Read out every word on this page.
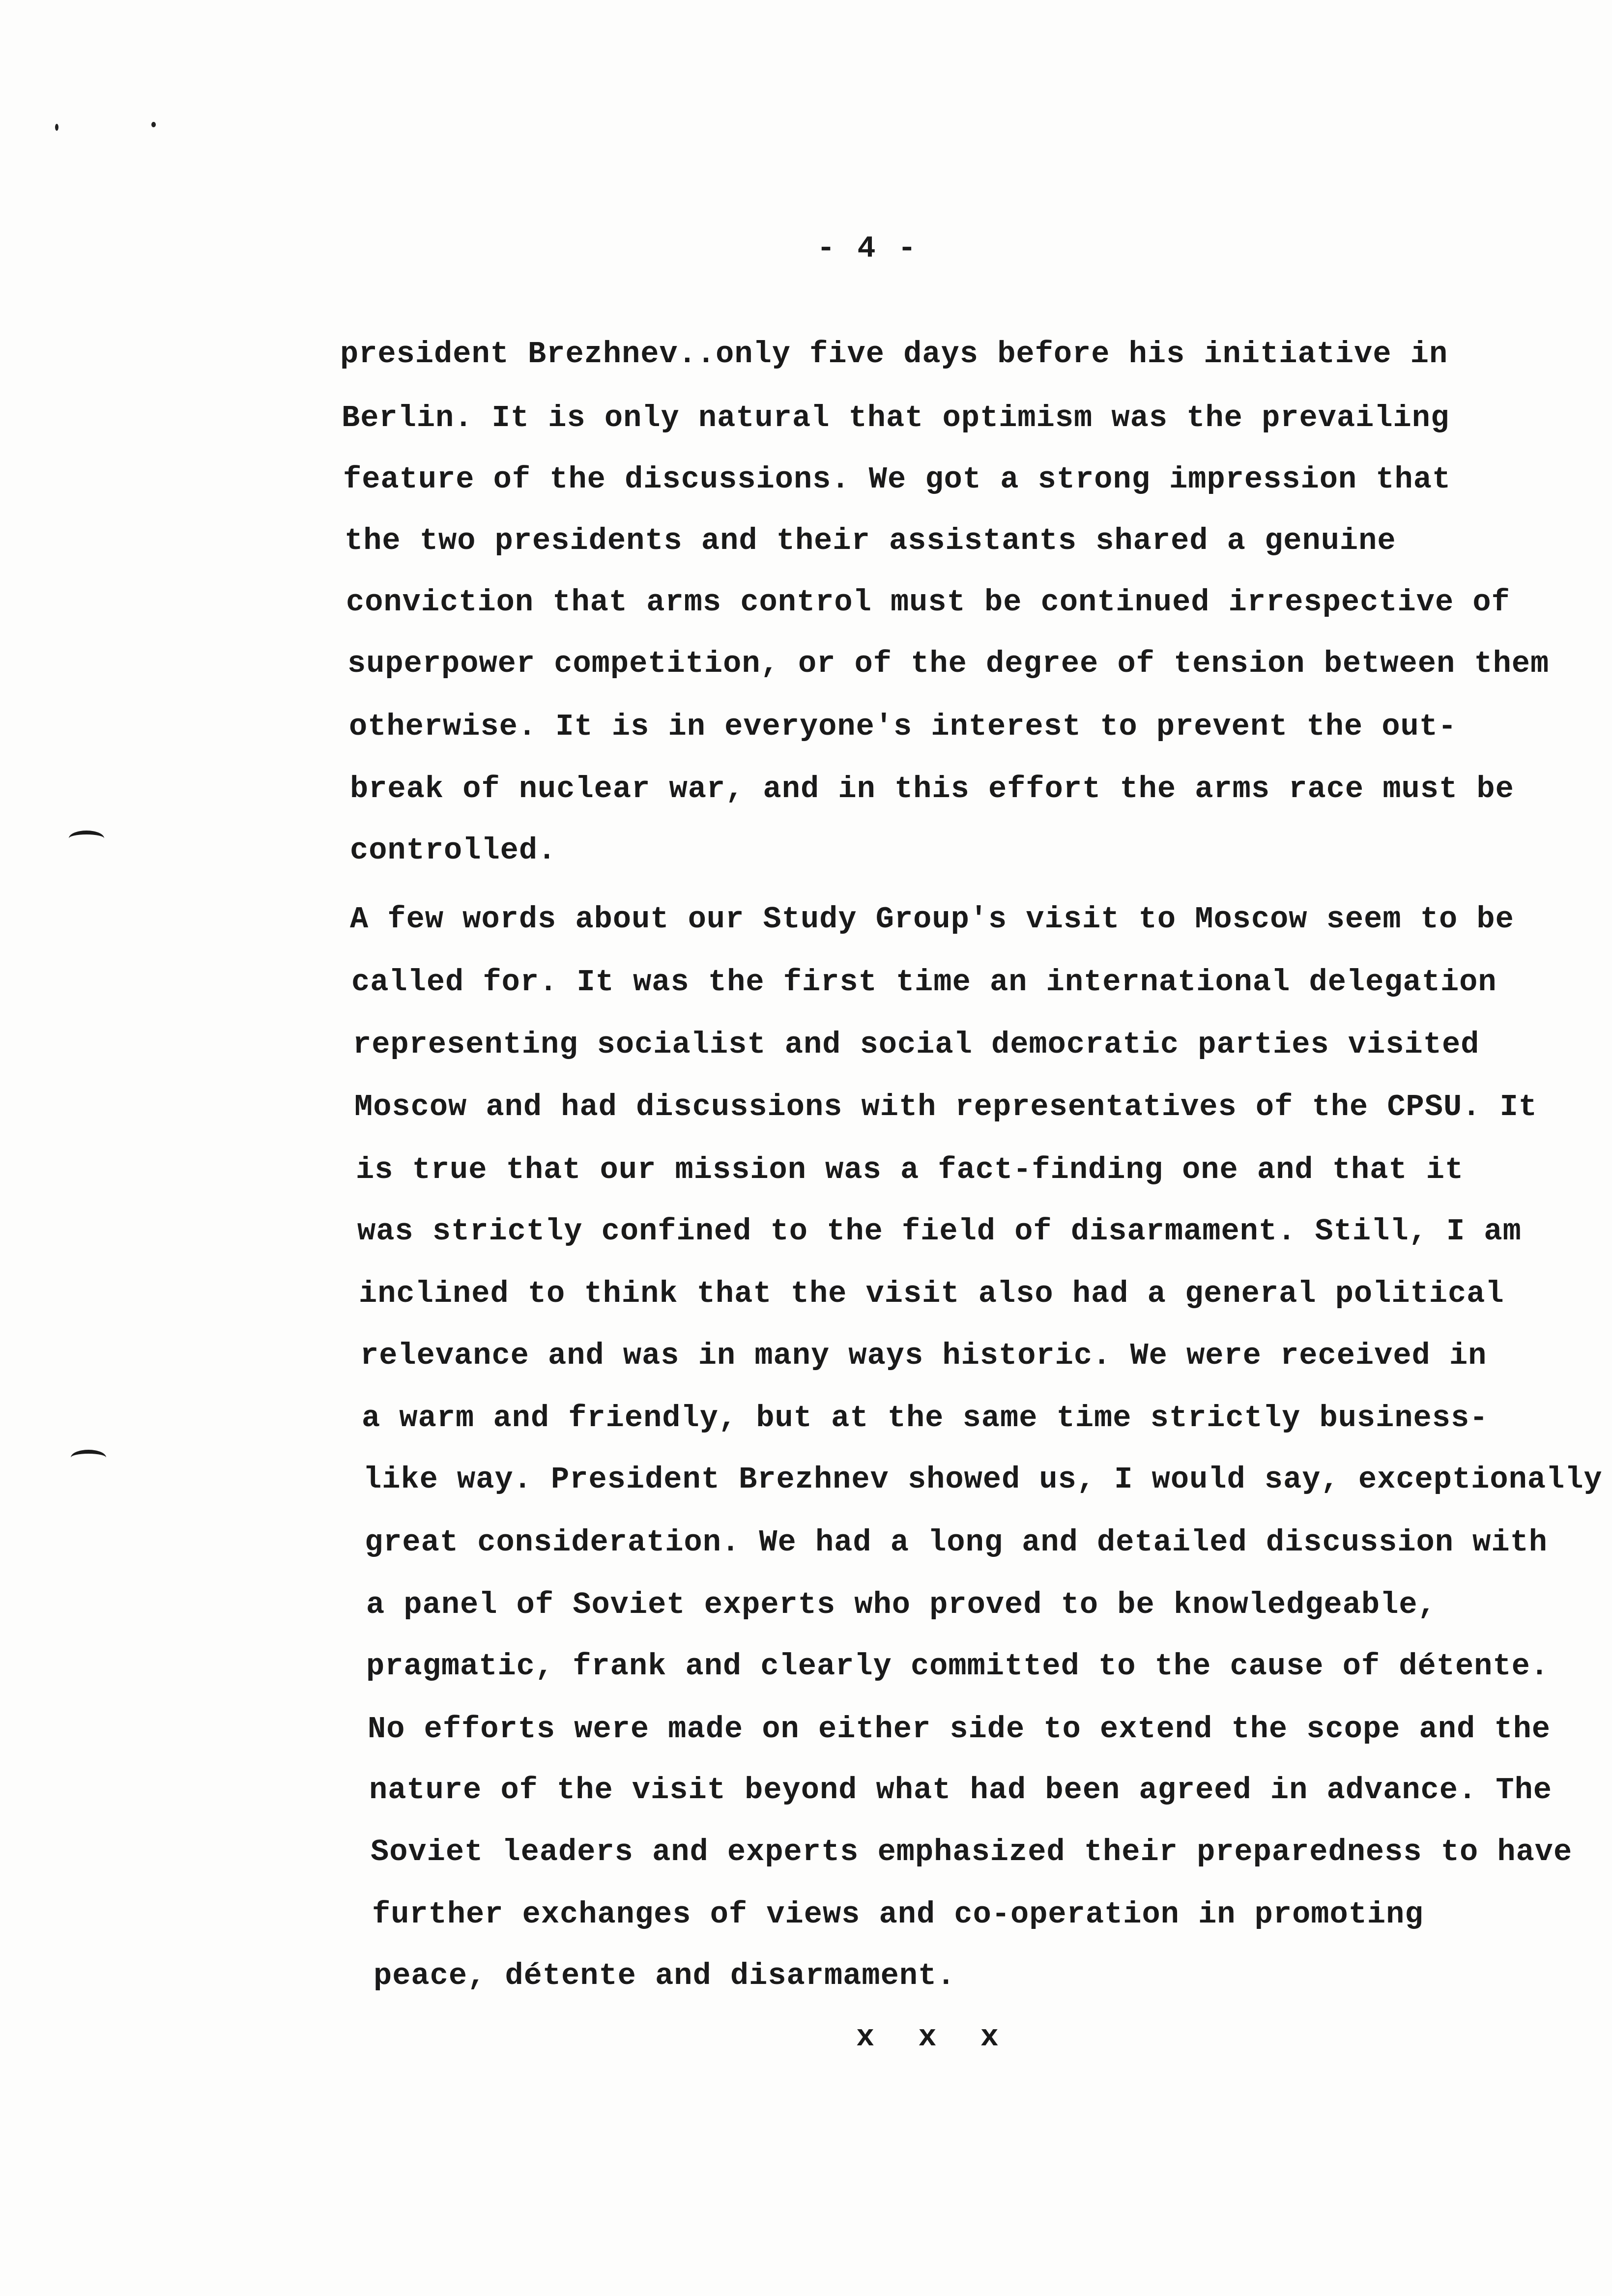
- 4 -
president Brezhnev..only five days before his initiative in
Berlin. It is only natural that optimism was the prevailing
feature of the discussions. We got a strong impression that
the two presidents and their assistants shared a genuine
conviction that arms control must be continued irrespective of
superpower competition, or of the degree of tension between them
otherwise. It is in everyone's interest to prevent the out-
break of nuclear war, and in this effort the arms race must be
controlled.
A few words about our Study Group's visit to Moscow seem to be
called for. It was the first time an international delegation
representing socialist and social democratic parties visited
Moscow and had discussions with representatives of the CPSU. It
is true that our mission was a fact-finding one and that it
was strictly confined to the field of disarmament. Still, I am
inclined to think that the visit also had a general political
relevance and was in many ways historic. We were received in
a warm and friendly, but at the same time strictly business-
like way. President Brezhnev showed us, I would say, exceptionally
great consideration. We had a long and detailed discussion with
a panel of Soviet experts who proved to be knowledgeable,
pragmatic, frank and clearly committed to the cause of détente.
No efforts were made on either side to extend the scope and the
nature of the visit beyond what had been agreed in advance. The
Soviet leaders and experts emphasized their preparedness to have
further exchanges of views and co-operation in promoting
peace, détente and disarmament.
x x x
